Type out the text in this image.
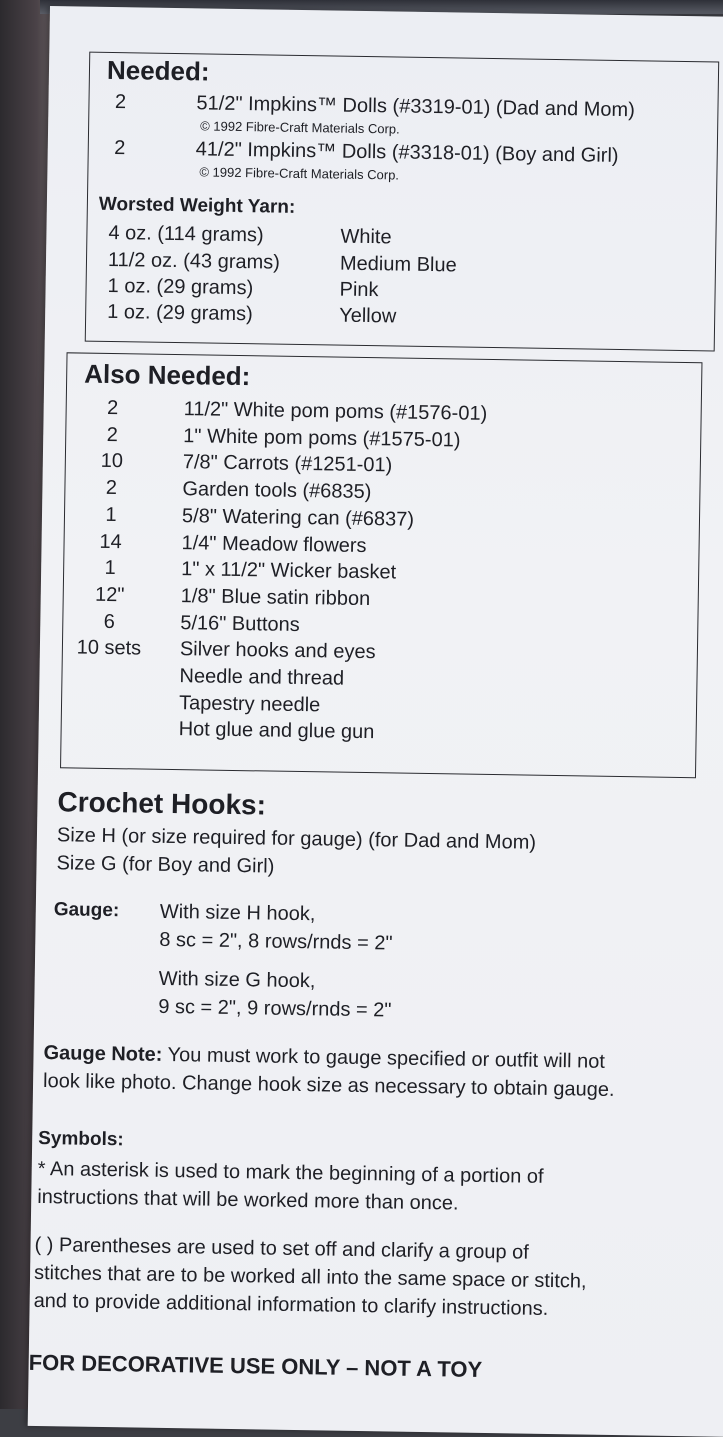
Needed:
2	51/2" Impkins™ Dolls (#3319-01) (Dad and Mom)
© 1992 Fibre-Craft Materials Corp.
2	41/2" Impkins™ Dolls (#3318-01) (Boy and Girl)
© 1992 Fibre-Craft Materials Corp.
Worsted Weight Yarn:
4 oz. (114 grams)	White
11/2 oz. (43 grams)	Medium Blue
1 oz. (29 grams)	Pink
1 oz. (29 grams)	Yellow
Also Needed:
2	11/2" White pom poms (#1576-01)
2	1" White pom poms (#1575-01)
10	7/8" Carrots (#1251-01)
2	Garden tools (#6835)
1	5/8" Watering can (#6837)
14	1/4" Meadow flowers
1	1" x 11/2" Wicker basket
12"	1/8" Blue satin ribbon
6	5/16" Buttons
10 sets Silver hooks and eyes
Needle and thread
Tapestry needle
Hot glue and glue gun
Crochet Hooks:
Size H (or size required for gauge) (for Dad and Mom)
Size G (for Boy and Girl)
Gauge: With size H hook,
8 sc = 2", 8 rows/rnds = 2"
With size G hook,
9 sc = 2", 9 rows/rnds = 2"
Gauge Note: You must work to gauge specified or outfit will not
look like photo. Change hook size as necessary to obtain gauge.
Symbols:
* An asterisk is used to mark the beginning of a portion of
instructions that will be worked more than once.
( ) Parentheses are used to set off and clarify a group of
stitches that are to be worked all into the same space or stitch,
and to provide additional information to clarify instructions.
FOR DECORATIVE USE ONLY – NOT A TOY
